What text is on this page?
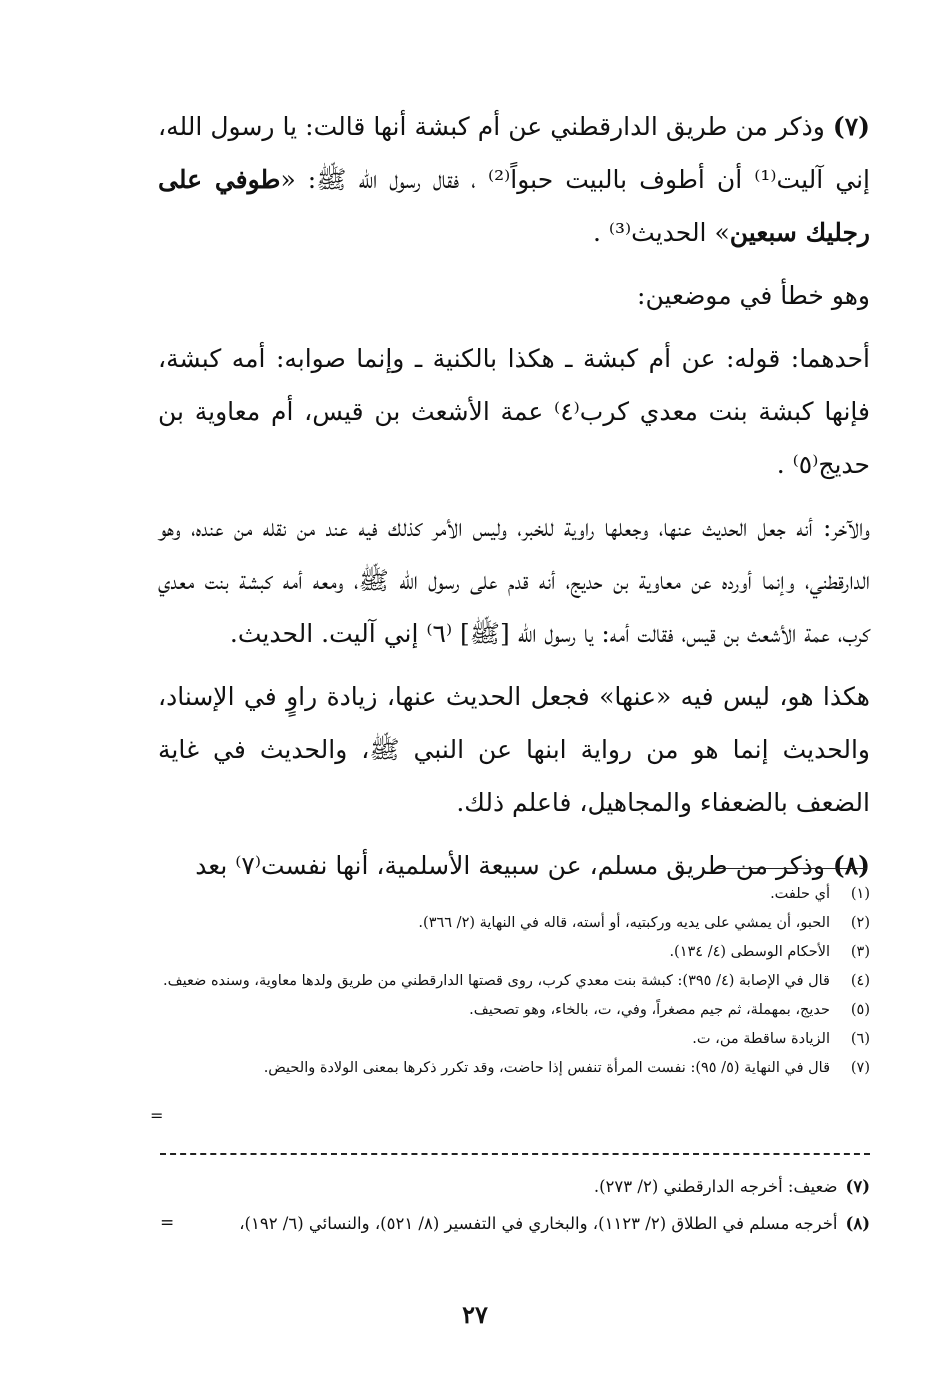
(٧) وذكر من طريق الدارقطني عن أم كبشة أنها قالت: يا رسول الله، إني آليت⁽¹⁾ أن أطوف بالبيت حبواً⁽²⁾ ، فقال رسول الله ﷺ: «طوفي على رجليك سبعين» الحديث⁽³⁾ .

وهو خطأ في موضعين:

أحدهما: قوله: عن أم كبشة ـ هكذا بالكنية ـ وإنما صوابه: أمه كبشة، فإنها كبشة بنت معدي كرب⁽٤⁾ عمة الأشعث بن قيس، أم معاوية بن حديج⁽٥⁾ .

والآخر: أنه جعل الحديث عنها، وجعلها راوية للخبر، وليس الأمر كذلك فيه عند من نقله من عنده، وهو الدارقطني، وإنما أورده عن معاوية بن حديج، أنه قدم على رسول الله ﷺ، ومعه أمه كبشة بنت معدي كرب، عمة الأشعث بن قيس، فقالت أمه: يا رسول الله [ﷺ] ⁽٦⁾ إني آليت. الحديث.

هكذا هو، ليس فيه «عنها» فجعل الحديث عنها، زيادة راوٍ في الإسناد، والحديث إنما هو من رواية ابنها عن النبي ﷺ، والحديث في غاية الضعف بالضعفاء والمجاهيل، فاعلم ذلك.

(٨) وذكر من طريق مسلم، عن سبيعة الأسلمية، أنها نفست⁽٧⁾ بعد

(١)
أي حلفت.
(٢)
الحبو، أن يمشي على يديه وركبتيه، أو أسته، قاله في النهاية (٢/ ٣٦٦).
(٣)
الأحكام الوسطى (٤/ ١٣٤).
(٤)
قال في الإصابة (٤/ ٣٩٥): كبشة بنت معدي كرب، روى قصتها الدارقطني من طريق ولدها معاوية، وسنده ضعيف.
(٥)
حديج، بمهملة، ثم جيم مصغراً، وفي، ت، بالخاء، وهو تصحيف.
(٦)
الزيادة ساقطة من، ت.
(٧)
قال في النهاية (٥/ ٩٥): نفست المرأة تنفس إذا حاضت، وقد تكرر ذكرها بمعنى الولادة والحيض.
=
(٧)ضعيف: أخرجه الدارقطني (٢/ ٢٧٣).
(٨)أخرجه مسلم في الطلاق (٢/ ١١٢٣)، والبخاري في التفسير (٨/ ٥٢١)، والنسائي (٦/ ١٩٢)،
=
٢٧
